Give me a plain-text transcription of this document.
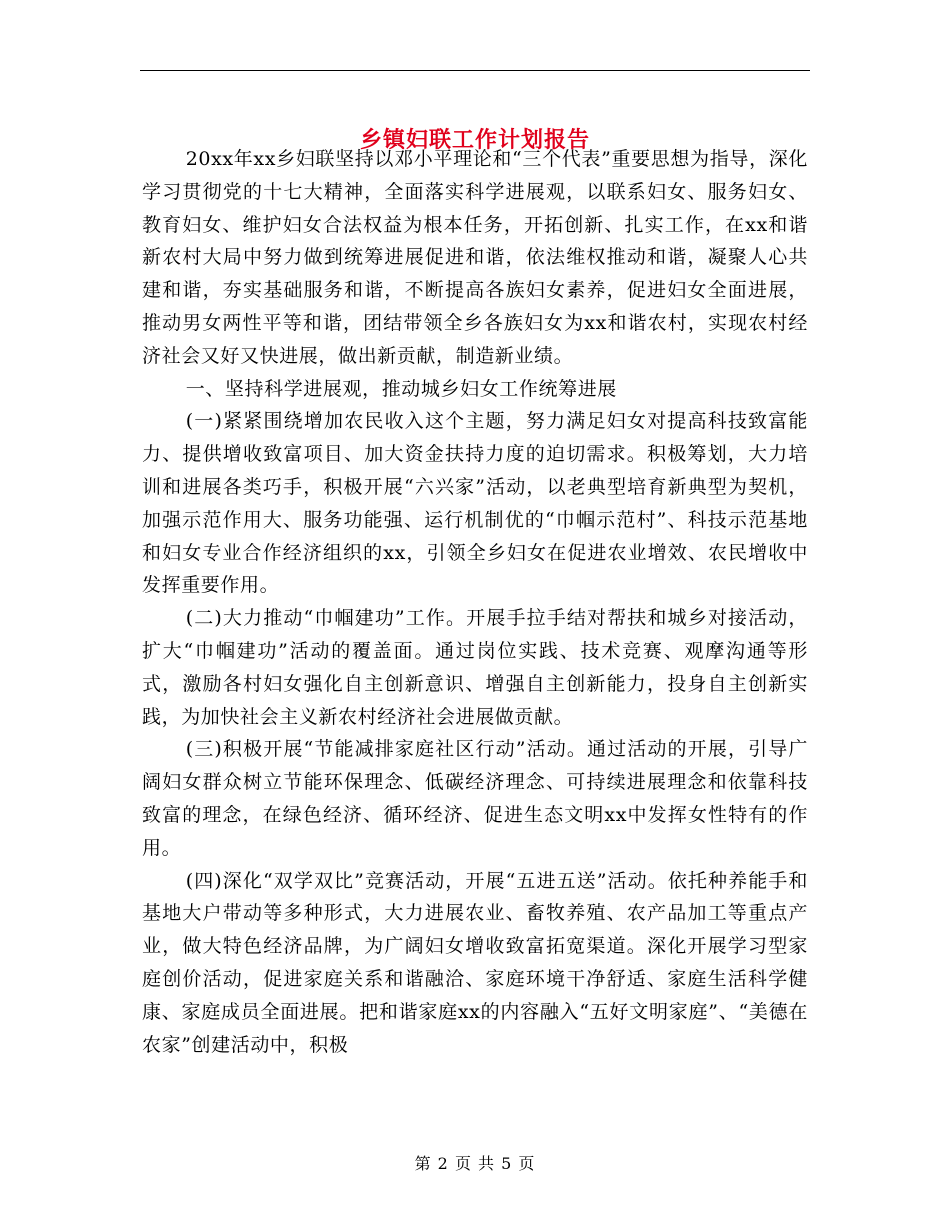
乡镇妇联工作计划报告

20xx年xx乡妇联坚持以邓小平理论和“三个代表”重要思想为指导，深化学习贯彻党的十七大精神，全面落实科学进展观，以联系妇女、服务妇女、教育妇女、维护妇女合法权益为根本任务，开拓创新、扎实工作，在xx和谐新农村大局中努力做到统筹进展促进和谐，依法维权推动和谐，凝聚人心共建和谐，夯实基础服务和谐，不断提高各族妇女素养，促进妇女全面进展，推动男女两性平等和谐，团结带领全乡各族妇女为xx和谐农村，实现农村经济社会又好又快进展，做出新贡献，制造新业绩。

一、坚持科学进展观，推动城乡妇女工作统筹进展

(一)紧紧围绕增加农民收入这个主题，努力满足妇女对提高科技致富能力、提供增收致富项目、加大资金扶持力度的迫切需求。积极筹划，大力培训和进展各类巧手，积极开展“六兴家”活动，以老典型培育新典型为契机，加强示范作用大、服务功能强、运行机制优的“巾帼示范村”、科技示范基地和妇女专业合作经济组织的xx，引领全乡妇女在促进农业增效、农民增收中发挥重要作用。

(二)大力推动“巾帼建功”工作。开展手拉手结对帮扶和城乡对接活动，扩大“巾帼建功”活动的覆盖面。通过岗位实践、技术竞赛、观摩沟通等形式，激励各村妇女强化自主创新意识、增强自主创新能力，投身自主创新实践，为加快社会主义新农村经济社会进展做贡献。

(三)积极开展“节能减排家庭社区行动”活动。通过活动的开展，引导广阔妇女群众树立节能环保理念、低碳经济理念、可持续进展理念和依靠科技致富的理念，在绿色经济、循环经济、促进生态文明xx中发挥女性特有的作用。

(四)深化“双学双比”竞赛活动，开展“五进五送”活动。依托种养能手和基地大户带动等多种形式，大力进展农业、畜牧养殖、农产品加工等重点产业，做大特色经济品牌，为广阔妇女增收致富拓宽渠道。深化开展学习型家庭创价活动，促进家庭关系和谐融洽、家庭环境干净舒适、家庭生活科学健康、家庭成员全面进展。把和谐家庭xx的内容融入“五好文明家庭”、“美德在农家”创建活动中，积极

第 2 页 共 5 页
